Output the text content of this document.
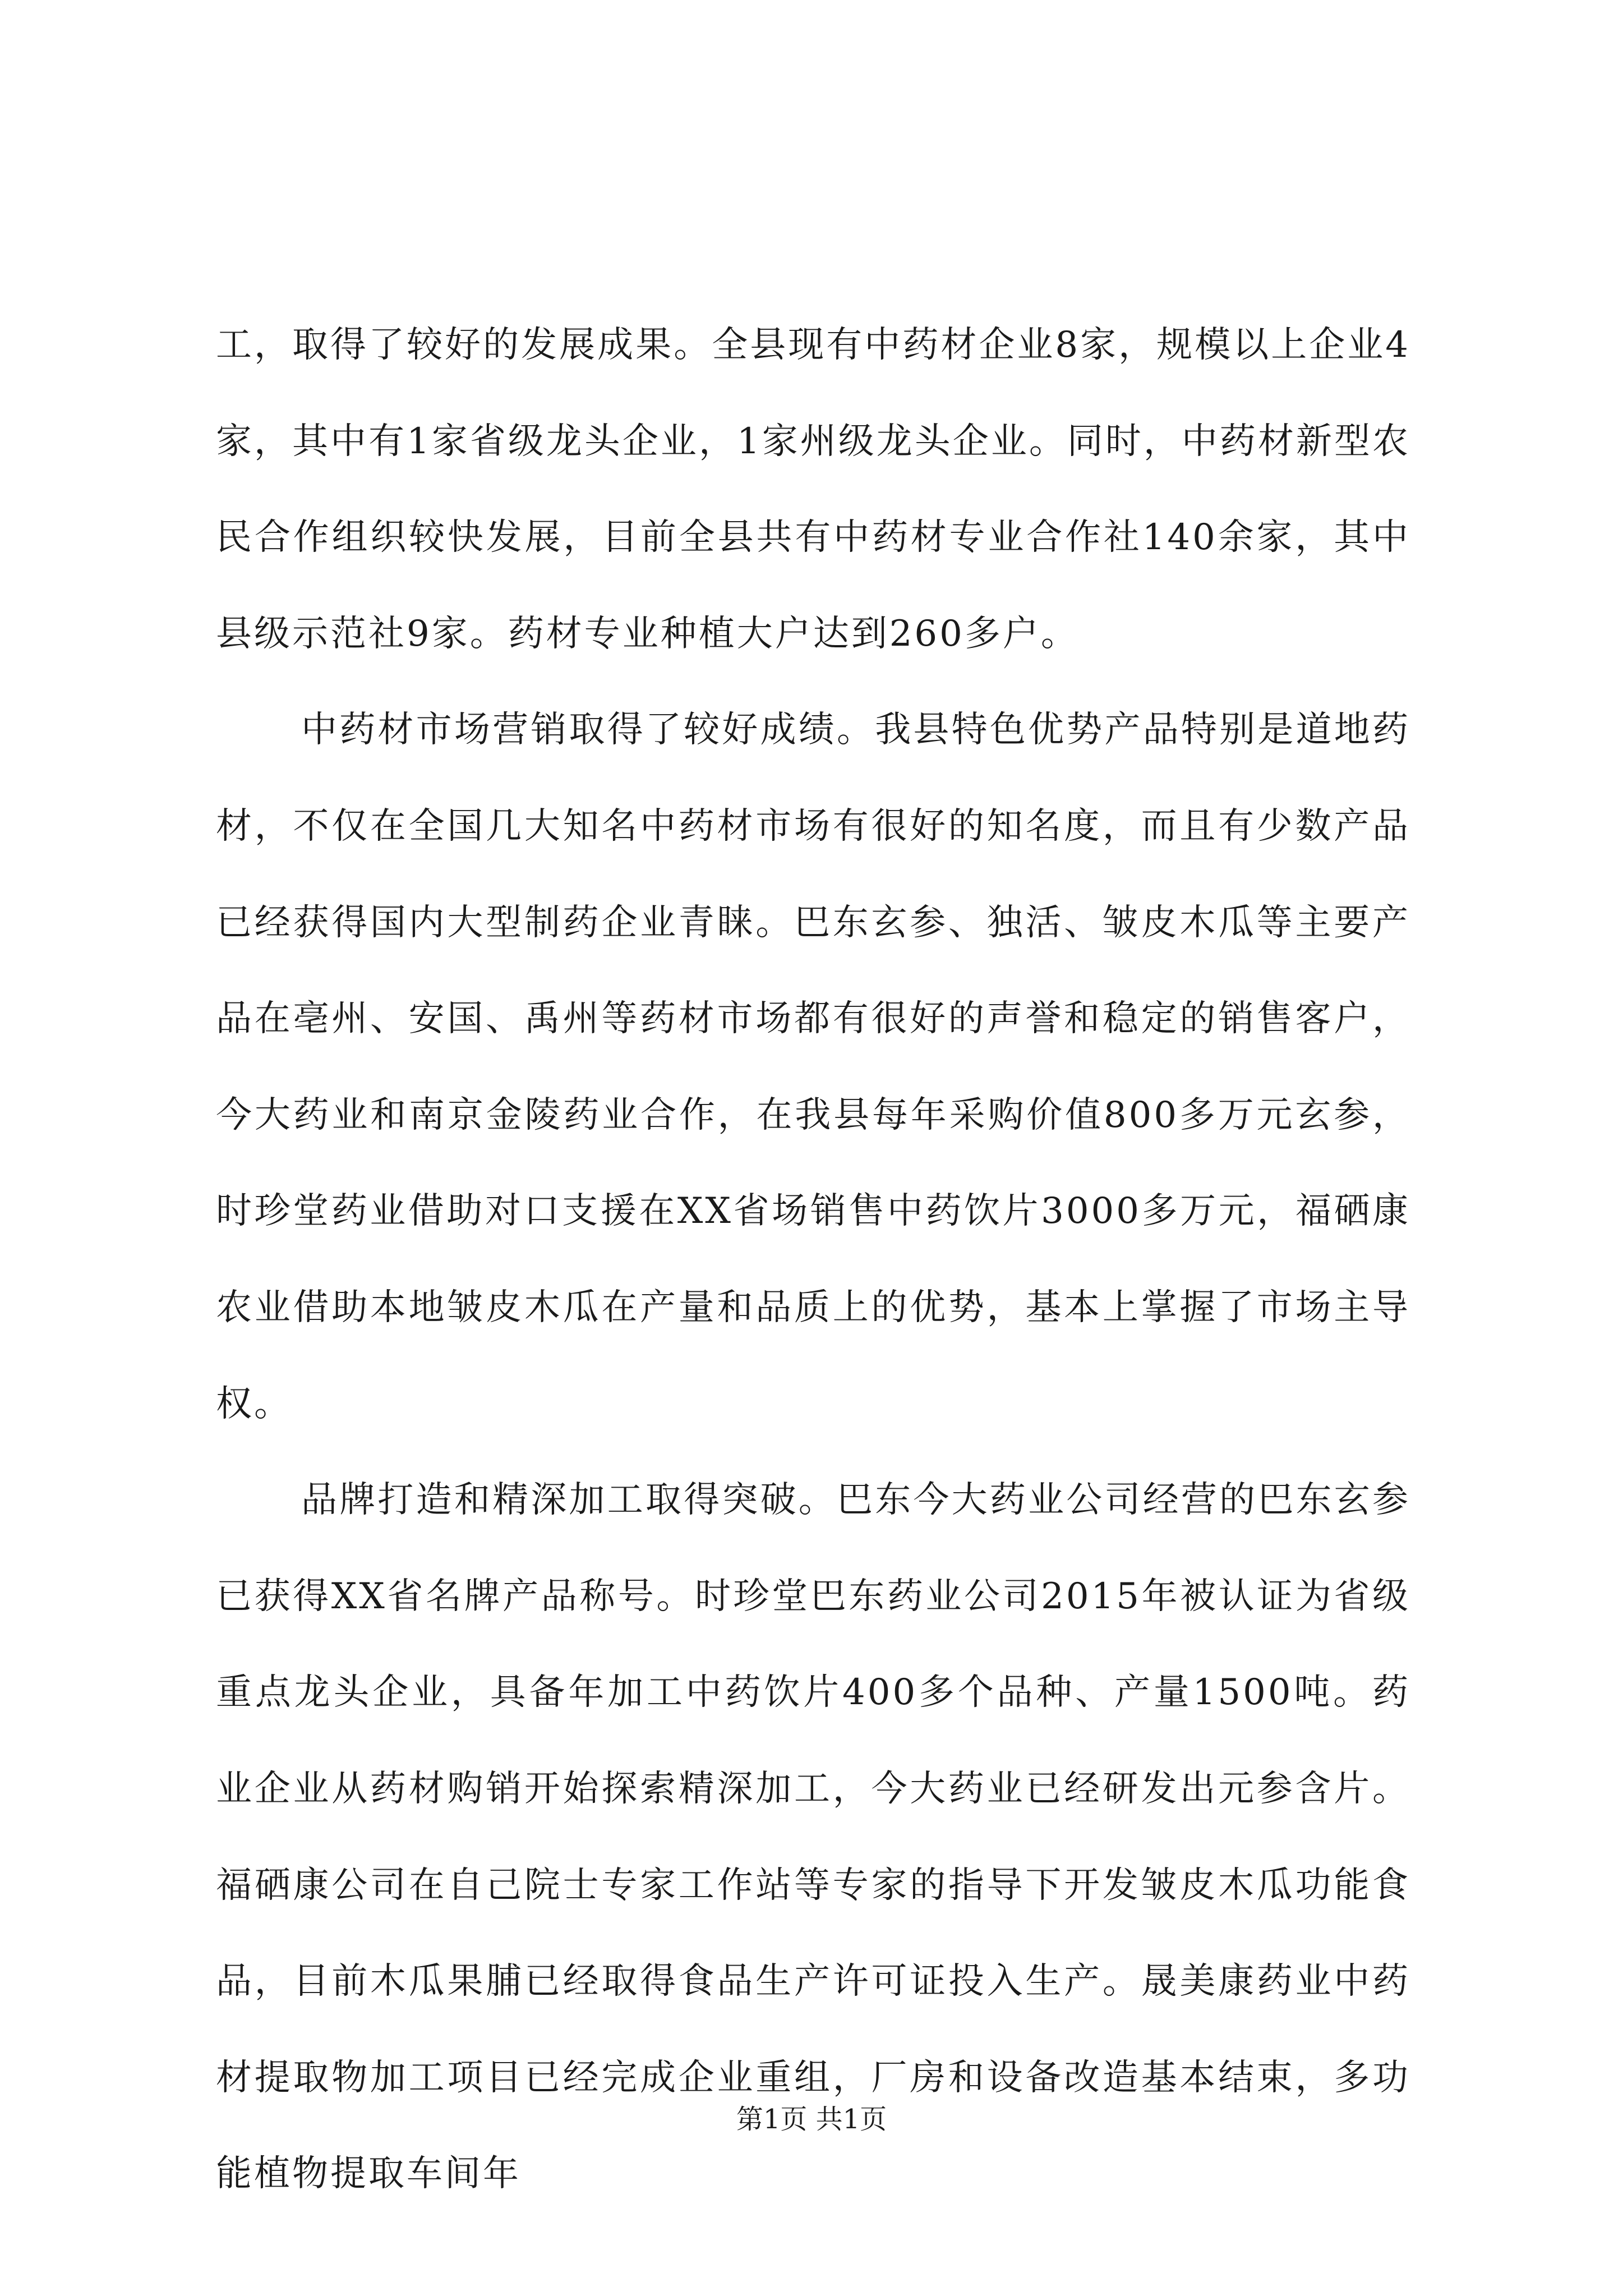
工，取得了较好的发展成果。全县现有中药材企业8家，规模以上企业4家，其中有1家省级龙头企业，1家州级龙头企业。同时，中药材新型农民合作组织较快发展，目前全县共有中药材专业合作社140余家，其中县级示范社9家。药材专业种植大户达到260多户。

中药材市场营销取得了较好成绩。我县特色优势产品特别是道地药材，不仅在全国几大知名中药材市场有很好的知名度，而且有少数产品已经获得国内大型制药企业青睐。巴东玄参、独活、皱皮木瓜等主要产品在亳州、安国、禹州等药材市场都有很好的声誉和稳定的销售客户，今大药业和南京金陵药业合作，在我县每年采购价值800多万元玄参，时珍堂药业借助对口支援在XX省场销售中药饮片3000多万元，福硒康农业借助本地皱皮木瓜在产量和品质上的优势，基本上掌握了市场主导权。

品牌打造和精深加工取得突破。巴东今大药业公司经营的巴东玄参已获得XX省名牌产品称号。时珍堂巴东药业公司2015年被认证为省级重点龙头企业，具备年加工中药饮片400多个品种、产量1500吨。药业企业从药材购销开始探索精深加工，今大药业已经研发出元参含片。福硒康公司在自己院士专家工作站等专家的指导下开发皱皮木瓜功能食品，目前木瓜果脯已经取得食品生产许可证投入生产。晟美康药业中药材提取物加工项目已经完成企业重组，厂房和设备改造基本结束，多功能植物提取车间年

第1页 共1页
